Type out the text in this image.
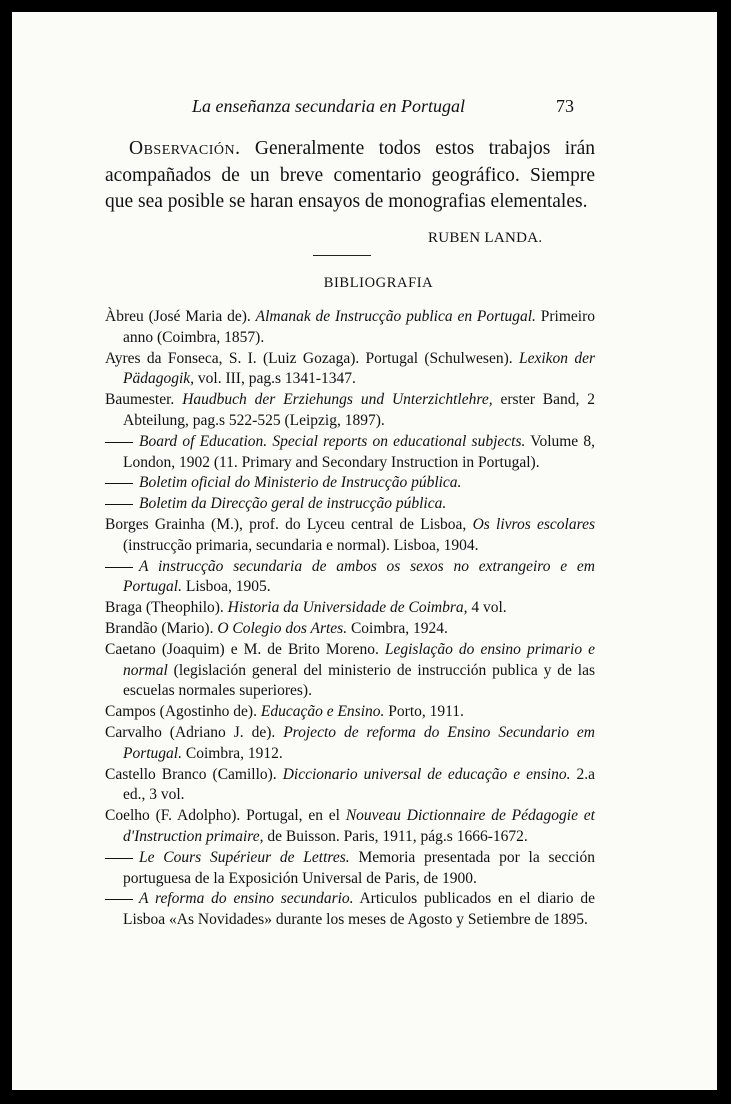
La enseñanza secundaria en Portugal	73

Observación. Generalmente todos estos trabajos irán acompañados de un breve comentario geográfico. Siempre que sea posible se haran ensayos de monografias elementales.

RUBEN LANDA.
BIBLIOGRAFIA

Àbreu (José Maria de). Almanak de Instrucção publica en Portugal. Primeiro anno (Coimbra, 1857).

Ayres da Fonseca, S. I. (Luiz Gozaga). Portugal (Schulwesen). Lexikon der Pädagogik, vol. III, pag.s 1341-1347.

Baumester. Haudbuch der Erziehungs und Unterzichtlehre, erster Band, 2 Abteilung, pag.s 522-525 (Leipzig, 1897).

Board of Education. Special reports on educational subjects. Volume 8, London, 1902 (11. Primary and Secondary Instruction in Portugal).

Boletim oficial do Ministerio de Instrucção pública.

Boletim da Direcção geral de instrucção pública.

Borges Grainha (M.), prof. do Lyceu central de Lisboa, Os livros escolares (instrucção primaria, secundaria e normal). Lisboa, 1904.

A instrucção secundaria de ambos os sexos no extrangeiro e em Portugal. Lisboa, 1905.

Braga (Theophilo). Historia da Universidade de Coimbra, 4 vol.

Brandão (Mario). O Colegio dos Artes. Coimbra, 1924.

Caetano (Joaquim) e M. de Brito Moreno. Legislação do ensino primario e normal (legislación general del ministerio de instrucción publica y de las escuelas normales superiores).

Campos (Agostinho de). Educação e Ensino. Porto, 1911.

Carvalho (Adriano J. de). Projecto de reforma do Ensino Secundario em Portugal. Coimbra, 1912.

Castello Branco (Camillo). Diccionario universal de educação e ensino. 2.a ed., 3 vol.

Coelho (F. Adolpho). Portugal, en el Nouveau Dictionnaire de Pédagogie et d'Instruction primaire, de Buisson. Paris, 1911, pág.s 1666-1672.

Le Cours Supérieur de Lettres. Memoria presentada por la sección portuguesa de la Exposición Universal de Paris, de 1900.

A reforma do ensino secundario. Articulos publicados en el diario de Lisboa «As Novidades» durante los meses de Agosto y Setiembre de 1895.
